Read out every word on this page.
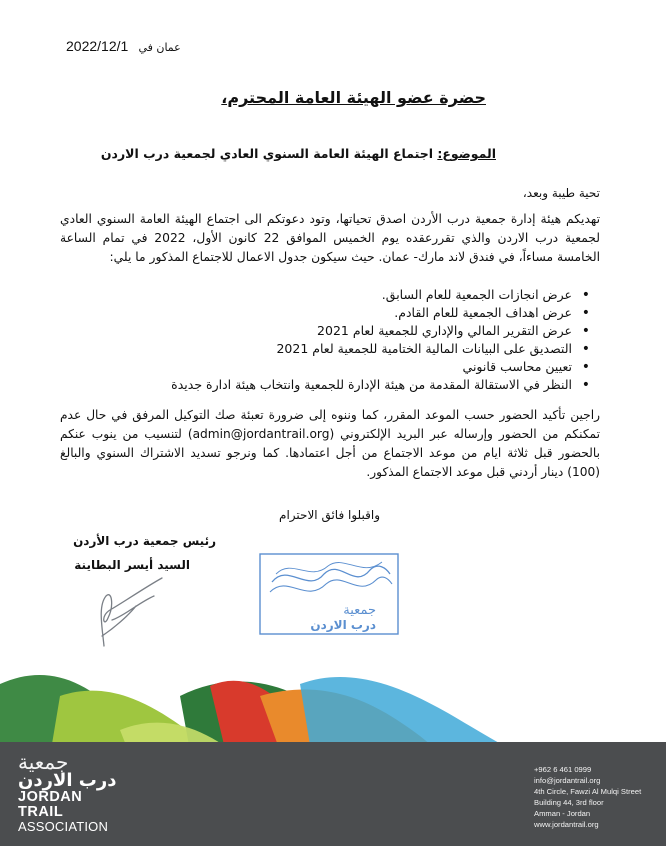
2022/12/1 عمان في
حضرة عضو الهيئة العامة المحترم،
الموضوع: اجتماع الهيئة العامة السنوي العادي لجمعية درب الاردن
تحية طيبة وبعد،
تهديكم هيئة إدارة جمعية درب الأردن اصدق تحياتها، وتود دعوتكم الى اجتماع الهيئة العامة السنوي العادي لجمعية درب الاردن والذي تقررعقده يوم الخميس الموافق 22 كانون الأول، 2022 في تمام الساعة الخامسة مساءاً، في فندق لاند مارك- عمان. حيث سيكون جدول الاعمال للاجتماع المذكور ما يلي:
• عرض انجازات الجمعية للعام السابق.
• عرض اهداف الجمعية للعام القادم.
• عرض التقرير المالي والإداري للجمعية لعام 2021
• التصديق على البيانات المالية الختامية للجمعية لعام 2021
• تعيين محاسب قانوني
• النظر في الاستقالة المقدمة من هيئة الإدارة للجمعية وانتخاب هيئة ادارة جديدة
راجين تأكيد الحضور حسب الموعد المقرر، كما وننوه إلى ضرورة تعبئة صك التوكيل المرفق في حال عدم تمكنكم من الحضور وإرساله عبر البريد الإلكتروني (admin@jordantrail.org) لتنسيب من ينوب عنكم بالحضور قبل ثلاثة ايام من موعد الاجتماع من أجل اعتمادها. كما ونرجو تسديد الاشتراك السنوي والبالغ (100) دينار أردني قبل موعد الاجتماع المذكور.
واقبلوا فائق الاحترام
رئيس جمعية درب الأردن
السيد أيسر البطاينة
جمعية
درب الاردن
جمعية
درب الاردن
JORDAN
TRAIL
ASSOCIATION
+962 6 461 0999
info@jordantrail.org
4th Circle, Fawzi Al Mulqi Street
Building 44, 3rd floor
Amman - Jordan
www.jordantrail.org
